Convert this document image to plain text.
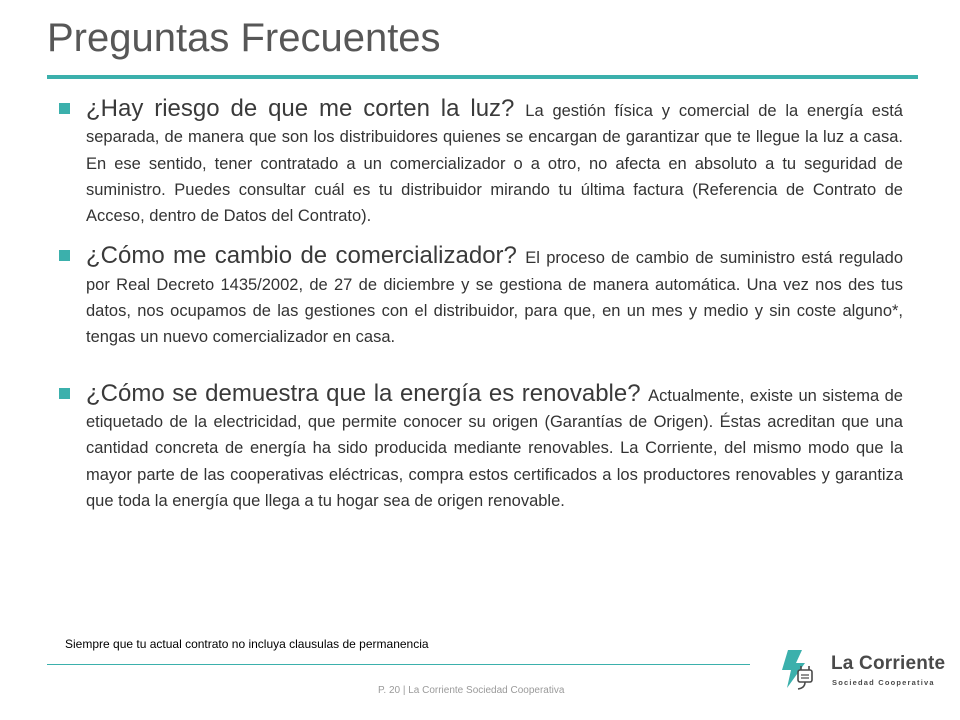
Preguntas Frecuentes
¿Hay riesgo de que me corten la luz? La gestión física y comercial de la energía está separada, de manera que son los distribuidores quienes se encargan de garantizar que te llegue la luz a casa. En ese sentido, tener contratado a un comercializador o a otro, no afecta en absoluto a tu seguridad de suministro. Puedes consultar cuál es tu distribuidor mirando tu última factura (Referencia de Contrato de Acceso, dentro de Datos del Contrato).
¿Cómo me cambio de comercializador? El proceso de cambio de suministro está regulado por Real Decreto 1435/2002, de 27 de diciembre y se gestiona de manera automática. Una vez nos des tus datos, nos ocupamos de las gestiones con el distribuidor, para que, en un mes y medio y sin coste alguno*, tengas un nuevo comercializador en casa.
¿Cómo se demuestra que la energía es renovable? Actualmente, existe un sistema de etiquetado de la electricidad, que permite conocer su origen (Garantías de Origen). Éstas acreditan que una cantidad concreta de energía ha sido producida mediante renovables. La Corriente, del mismo modo que la mayor parte de las cooperativas eléctricas, compra estos certificados a los productores renovables y garantiza que toda la energía que llega a tu hogar sea de origen renovable.
Siempre que tu actual contrato no incluya clausulas de permanencia
P. 20 | La Corriente Sociedad Cooperativa
La Corriente
Sociedad Cooperativa
